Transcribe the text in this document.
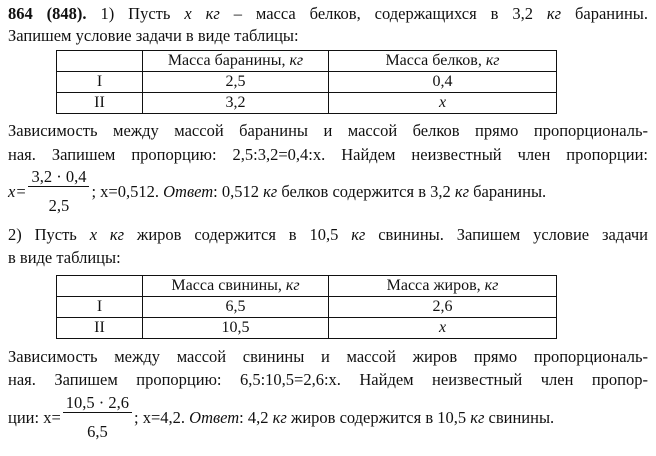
864 (848). 1) Пусть x кг – масса белков, содержащихся в 3,2 кг баранины.
Запишем условие задачи в виде таблицы:
	Масса баранины, кг	Масса белков, кг
I	2,5	0,4
II	3,2	x
Зависимость между массой баранины и массой белков прямо пропорциональ-
ная. Запишем пропорцию: 2,5:3,2=0,4:x. Найдем неизвестный член пропорции:
$x= \frac{3,2 \cdot 0,4}{2,5}$ ; x=0,512. Ответ: 0,512 кг белков содержится в 3,2 кг баранины.
2) Пусть x кг жиров содержится в 10,5 кг свинины. Запишем условие задачи
в виде таблицы:
	Масса свинины, кг	Масса жиров, кг
I	6,5	2,6
II	10,5	x
Зависимость между массой свинины и массой жиров прямо пропорциональ-
ная. Запишем пропорцию: 6,5:10,5=2,6:x. Найдем неизвестный член пропор-
ции: $x= \frac{10,5 \cdot 2,6}{6,5}$ ; x=4,2. Ответ: 4,2 кг жиров содержится в 10,5 кг свинины.
